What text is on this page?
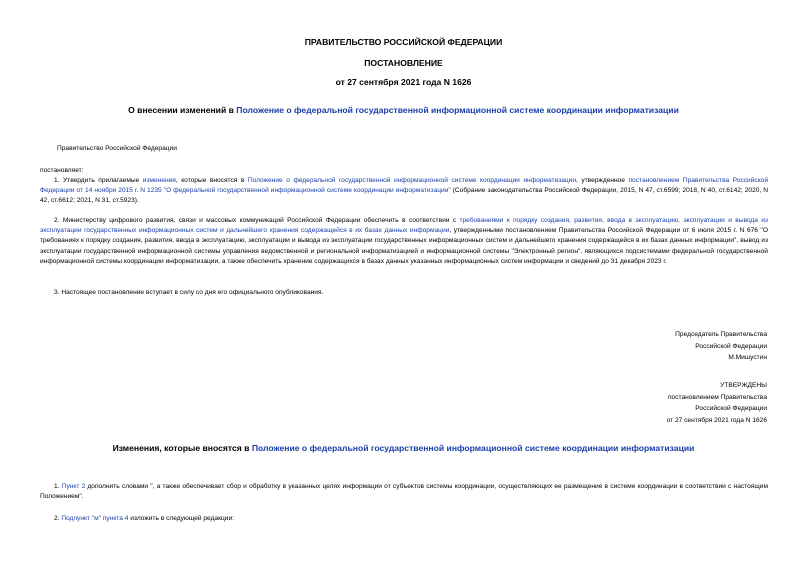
ПРАВИТЕЛЬСТВО РОССИЙСКОЙ ФЕДЕРАЦИИ
ПОСТАНОВЛЕНИЕ
от 27 сентября 2021 года N 1626
О внесении изменений в Положение о федеральной государственной информационной системе координации информатизации
Правительство Российской Федерации
постановляет:
1. Утвердить прилагаемые изменения, которые вносятся в Положение о федеральной государственной информационной системе координации информатизации, утвержденное постановлением Правительства Российской Федерации от 14 ноября 2015 г. N 1235 "О федеральной государственной информационной системе координации информатизации" (Собрание законодательства Российской Федерации, 2015, N 47, ст.6599; 2018, N 40, ст.6142; 2020, N 42, ст.6612; 2021, N 31, ст.5923).
2. Министерству цифрового развития, связи и массовых коммуникаций Российской Федерации обеспечить в соответствии с требованиями к порядку создания, развития, ввода в эксплуатацию, эксплуатации и вывода из эксплуатации государственных информационных систем и дальнейшего хранения содержащейся в их базах данных информации, утвержденными постановлением Правительства Российской Федерации от 6 июля 2015 г. N 676 "О требованиях к порядку создания, развития, ввода в эксплуатацию, эксплуатации и вывода из эксплуатации государственных информационных систем и дальнейшего хранения содержащейся в их базах данных информации", вывод из эксплуатации государственной информационной системы управления ведомственной и региональной информатизацией и информационной системы "Электронный регион", являющихся подсистемами федеральной государственной информационной системы координации информатизации, а также обеспечить хранение содержащихся в базах данных указанных информационных систем информации и сведений до 31 декабря 2023 г.
3. Настоящее постановление вступает в силу со дня его официального опубликования.
Председатель Правительства
Российской Федерации
М.Мишустин
УТВЕРЖДЕНЫ
постановлением Правительства
Российской Федерации
от 27 сентября 2021 года N 1626
Изменения, которые вносятся в Положение о федеральной государственной информационной системе координации информатизации
1. Пункт 2 дополнить словами ", а также обеспечивает сбор и обработку в указанных целях информации от субъектов системы координации, осуществляющих ее размещение в системе координации в соответствии с настоящим Положением".
2. Подпункт "м" пункта 4 изложить в следующей редакции:
